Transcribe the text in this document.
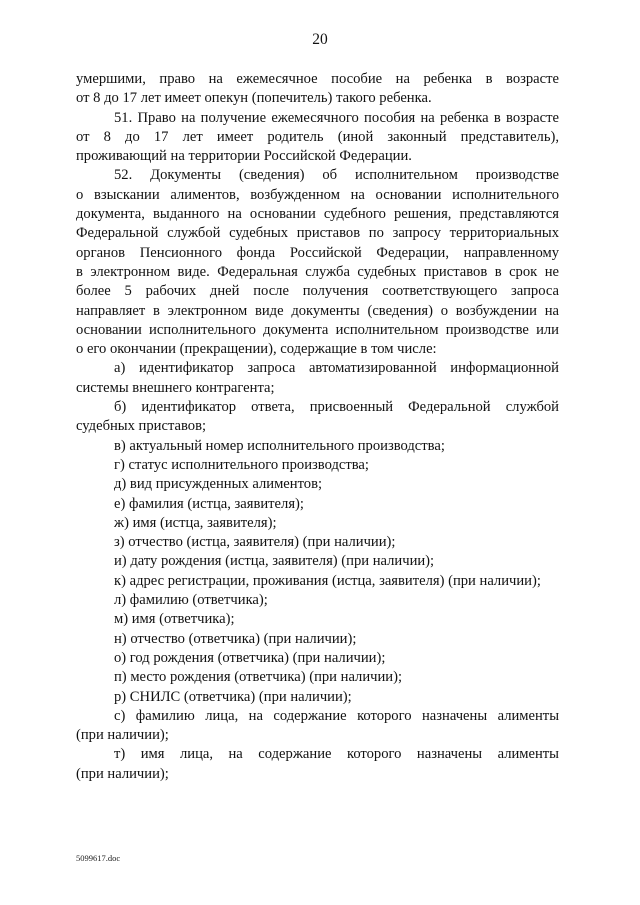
20
умершими, право на ежемесячное пособие на ребенка в возрасте
от 8 до 17 лет имеет опекун (попечитель) такого ребенка.
51. Право на получение ежемесячного пособия на ребенка в возрасте
от 8 до 17 лет имеет родитель (иной законный представитель),
проживающий на территории Российской Федерации.
52. Документы (сведения) об исполнительном производстве
о взыскании алиментов, возбужденном на основании исполнительного
документа, выданного на основании судебного решения, представляются
Федеральной службой судебных приставов по запросу территориальных
органов Пенсионного фонда Российской Федерации, направленному
в электронном виде. Федеральная служба судебных приставов в срок не
более 5 рабочих дней после получения соответствующего запроса
направляет в электронном виде документы (сведения) о возбуждении на
основании исполнительного документа исполнительном производстве или
о его окончании (прекращении), содержащие в том числе:
а) идентификатор запроса автоматизированной информационной
системы внешнего контрагента;
б) идентификатор ответа, присвоенный Федеральной службой
судебных приставов;
в) актуальный номер исполнительного производства;
г) статус исполнительного производства;
д) вид присужденных алиментов;
е) фамилия (истца, заявителя);
ж) имя (истца, заявителя);
з) отчество (истца, заявителя) (при наличии);
и) дату рождения (истца, заявителя) (при наличии);
к) адрес регистрации, проживания (истца, заявителя) (при наличии);
л) фамилию (ответчика);
м) имя (ответчика);
н) отчество (ответчика) (при наличии);
о) год рождения (ответчика) (при наличии);
п) место рождения (ответчика) (при наличии);
р) СНИЛС (ответчика) (при наличии);
с) фамилию лица, на содержание которого назначены алименты
(при наличии);
т) имя лица, на содержание которого назначены алименты
(при наличии);
5099617.doc
